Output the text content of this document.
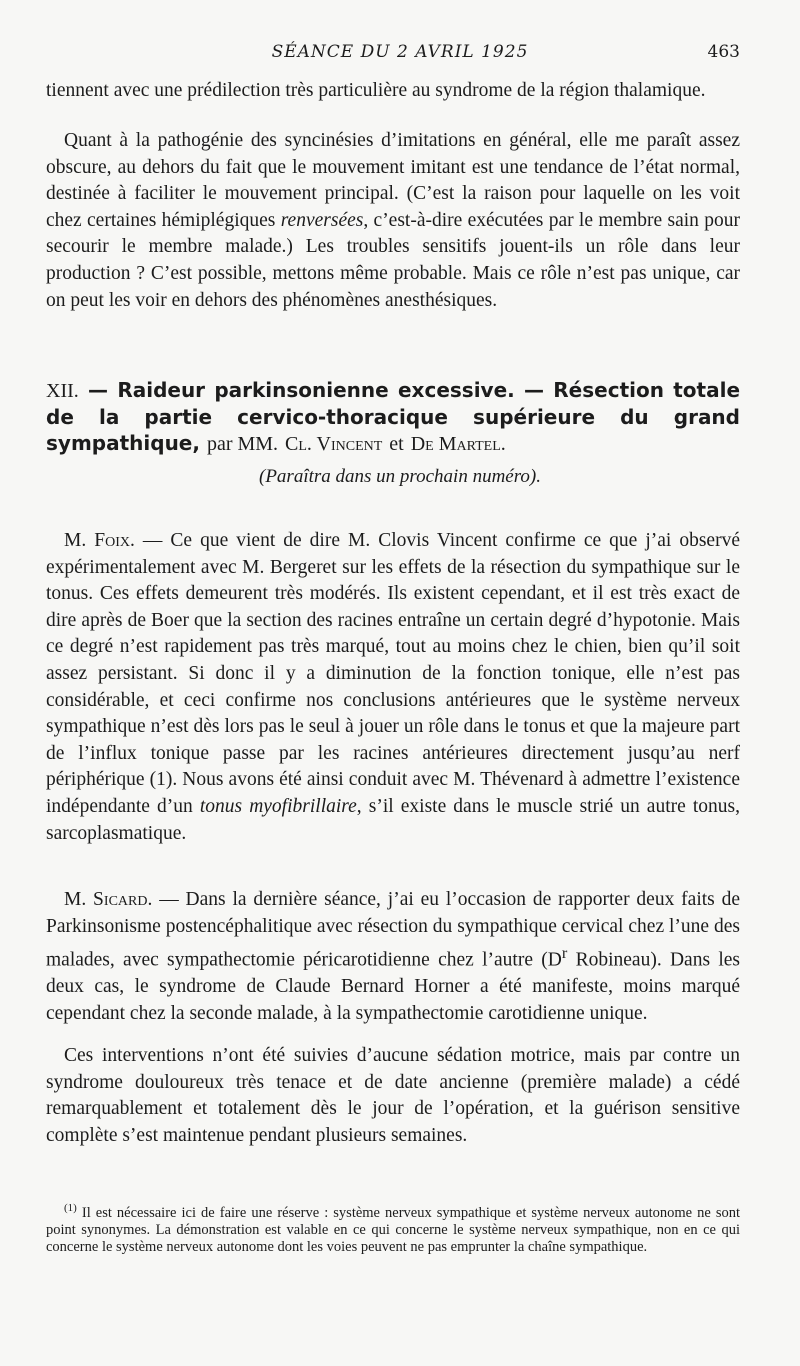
SÉANCE DU 2 AVRIL 1925	463

tiennent avec une prédilection très particulière au syndrome de la région thalamique.

Quant à la pathogénie des syncinésies d’imitations en général, elle me paraît assez obscure, au dehors du fait que le mouvement imitant est une tendance de l’état normal, destinée à faciliter le mouvement principal. (C’est la raison pour laquelle on les voit chez certaines hémiplégiques renversées, c’est-à-dire exécutées par le membre sain pour secourir le membre malade.) Les troubles sensitifs jouent-ils un rôle dans leur production ? C’est possible, mettons même probable. Mais ce rôle n’est pas unique, car on peut les voir en dehors des phénomènes anesthésiques.

XII. — Raideur parkinsonienne excessive. — Résection totale de la partie cervico-thoracique supérieure du grand sympathique, par MM. Cl. Vincent et De Martel.
(Paraîtra dans un prochain numéro).

M. Foix. — Ce que vient de dire M. Clovis Vincent confirme ce que j’ai observé expérimentalement avec M. Bergeret sur les effets de la résection du sympathique sur le tonus. Ces effets demeurent très modérés. Ils existent cependant, et il est très exact de dire après de Boer que la section des racines entraîne un certain degré d’hypotonie. Mais ce degré n’est rapidement pas très marqué, tout au moins chez le chien, bien qu’il soit assez persistant. Si donc il y a diminution de la fonction tonique, elle n’est pas considérable, et ceci confirme nos conclusions antérieures que le système nerveux sympathique n’est dès lors pas le seul à jouer un rôle dans le tonus et que la majeure part de l’influx tonique passe par les racines antérieures directement jusqu’au nerf périphérique (1). Nous avons été ainsi conduit avec M. Thévenard à admettre l’existence indépendante d’un tonus myofibrillaire, s’il existe dans le muscle strié un autre tonus, sarcoplasmatique.

M. Sicard. — Dans la dernière séance, j’ai eu l’occasion de rapporter deux faits de Parkinsonisme postencéphalitique avec résection du sympathique cervical chez l’une des malades, avec sympathectomie péricarotidienne chez l’autre ($D^r$ Robineau). Dans les deux cas, le syndrome de Claude Bernard Horner a été manifeste, moins marqué cependant chez la seconde malade, à la sympathectomie carotidienne unique.

Ces interventions n’ont été suivies d’aucune sédation motrice, mais par contre un syndrome douloureux très tenace et de date ancienne (première malade) a cédé remarquablement et totalement dès le jour de l’opération, et la guérison sensitive complète s’est maintenue pendant plusieurs semaines.

$^{(1)}$ Il est nécessaire ici de faire une réserve : système nerveux sympathique et système nerveux autonome ne sont point synonymes. La démonstration est valable en ce qui concerne le système nerveux sympathique, non en ce qui concerne le système nerveux autonome dont les voies peuvent ne pas emprunter la chaîne sympathique.
